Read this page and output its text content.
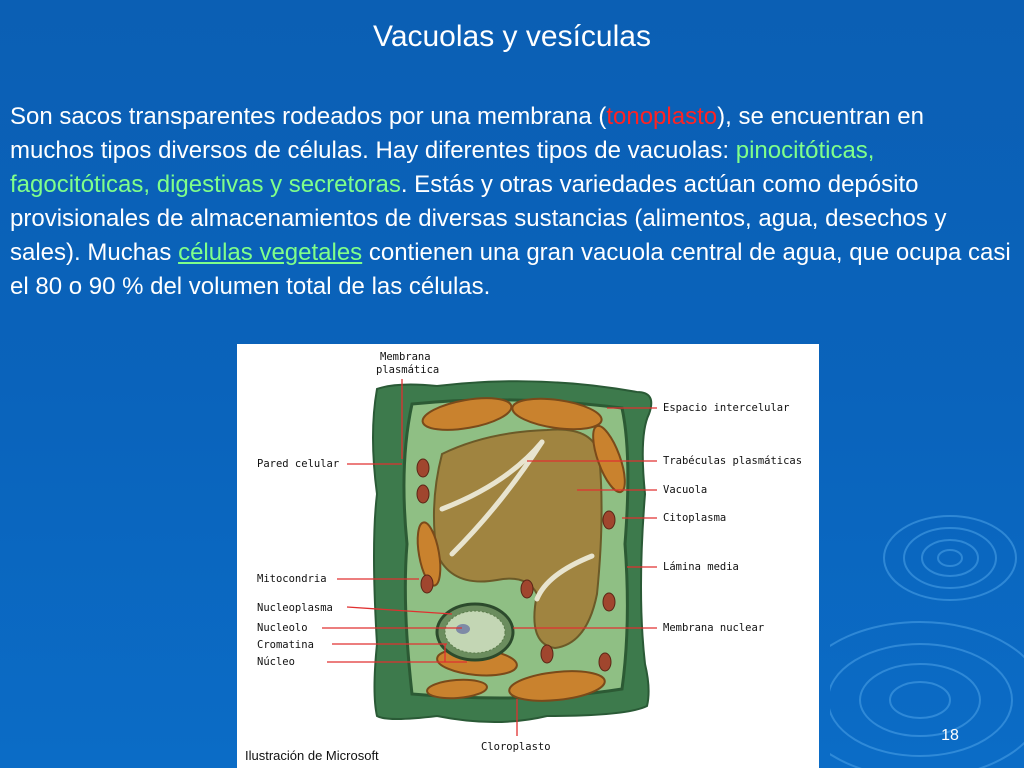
Vacuolas y vesículas

Son sacos transparentes rodeados por una membrana (tonoplasto), se encuentran en muchos tipos diversos de células. Hay diferentes tipos de vacuolas: pinocitóticas, fagocitóticas, digestivas y secretoras. Estás y otras variedades actúan como depósito provisionales de almacenamientos de diversas sustancias (alimentos, agua, desechos y sales). Muchas células vegetales contienen una gran vacuola central de agua, que ocupa casi el 80 o 90 % del volumen total de las células.

Membrana
plasmática
Pared celular
Espacio intercelular
Trabéculas plasmáticas
Vacuola
Citoplasma
Lámina media
Mitocondria
Nucleoplasma
Nucleolo
Cromatina
Núcleo
Membrana nuclear
Cloroplasto
Ilustración de Microsoft
18
